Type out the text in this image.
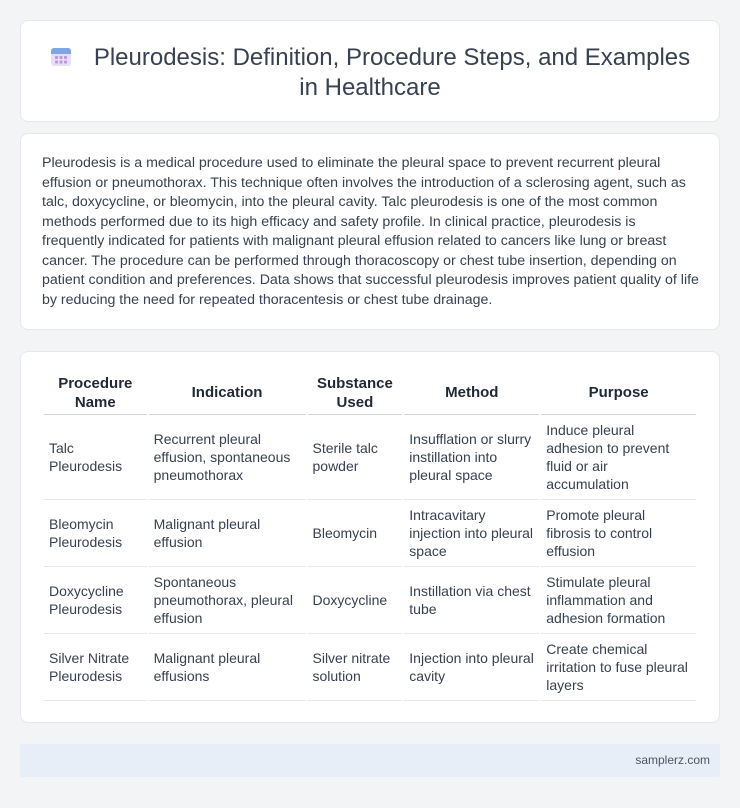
Pleurodesis: Definition, Procedure Steps, and Examples in Healthcare

Pleurodesis is a medical procedure used to eliminate the pleural space to prevent recurrent pleural effusion or pneumothorax. This technique often involves the introduction of a sclerosing agent, such as talc, doxycycline, or bleomycin, into the pleural cavity. Talc pleurodesis is one of the most common methods performed due to its high efficacy and safety profile. In clinical practice, pleurodesis is frequently indicated for patients with malignant pleural effusion related to cancers like lung or breast cancer. The procedure can be performed through thoracoscopy or chest tube insertion, depending on patient condition and preferences. Data shows that successful pleurodesis improves patient quality of life by reducing the need for repeated thoracentesis or chest tube drainage.

Procedure Name	Indication	Substance Used	Method	Purpose
Talc Pleurodesis	Recurrent pleural effusion, spontaneous pneumothorax	Sterile talc powder	Insufflation or slurry instillation into pleural space	Induce pleural adhesion to prevent fluid or air accumulation
Bleomycin Pleurodesis	Malignant pleural effusion	Bleomycin	Intracavitary injection into pleural space	Promote pleural fibrosis to control effusion
Doxycycline Pleurodesis	Spontaneous pneumothorax, pleural effusion	Doxycycline	Instillation via chest tube	Stimulate pleural inflammation and adhesion formation
Silver Nitrate Pleurodesis	Malignant pleural effusions	Silver nitrate solution	Injection into pleural cavity	Create chemical irritation to fuse pleural layers
samplerz.com
